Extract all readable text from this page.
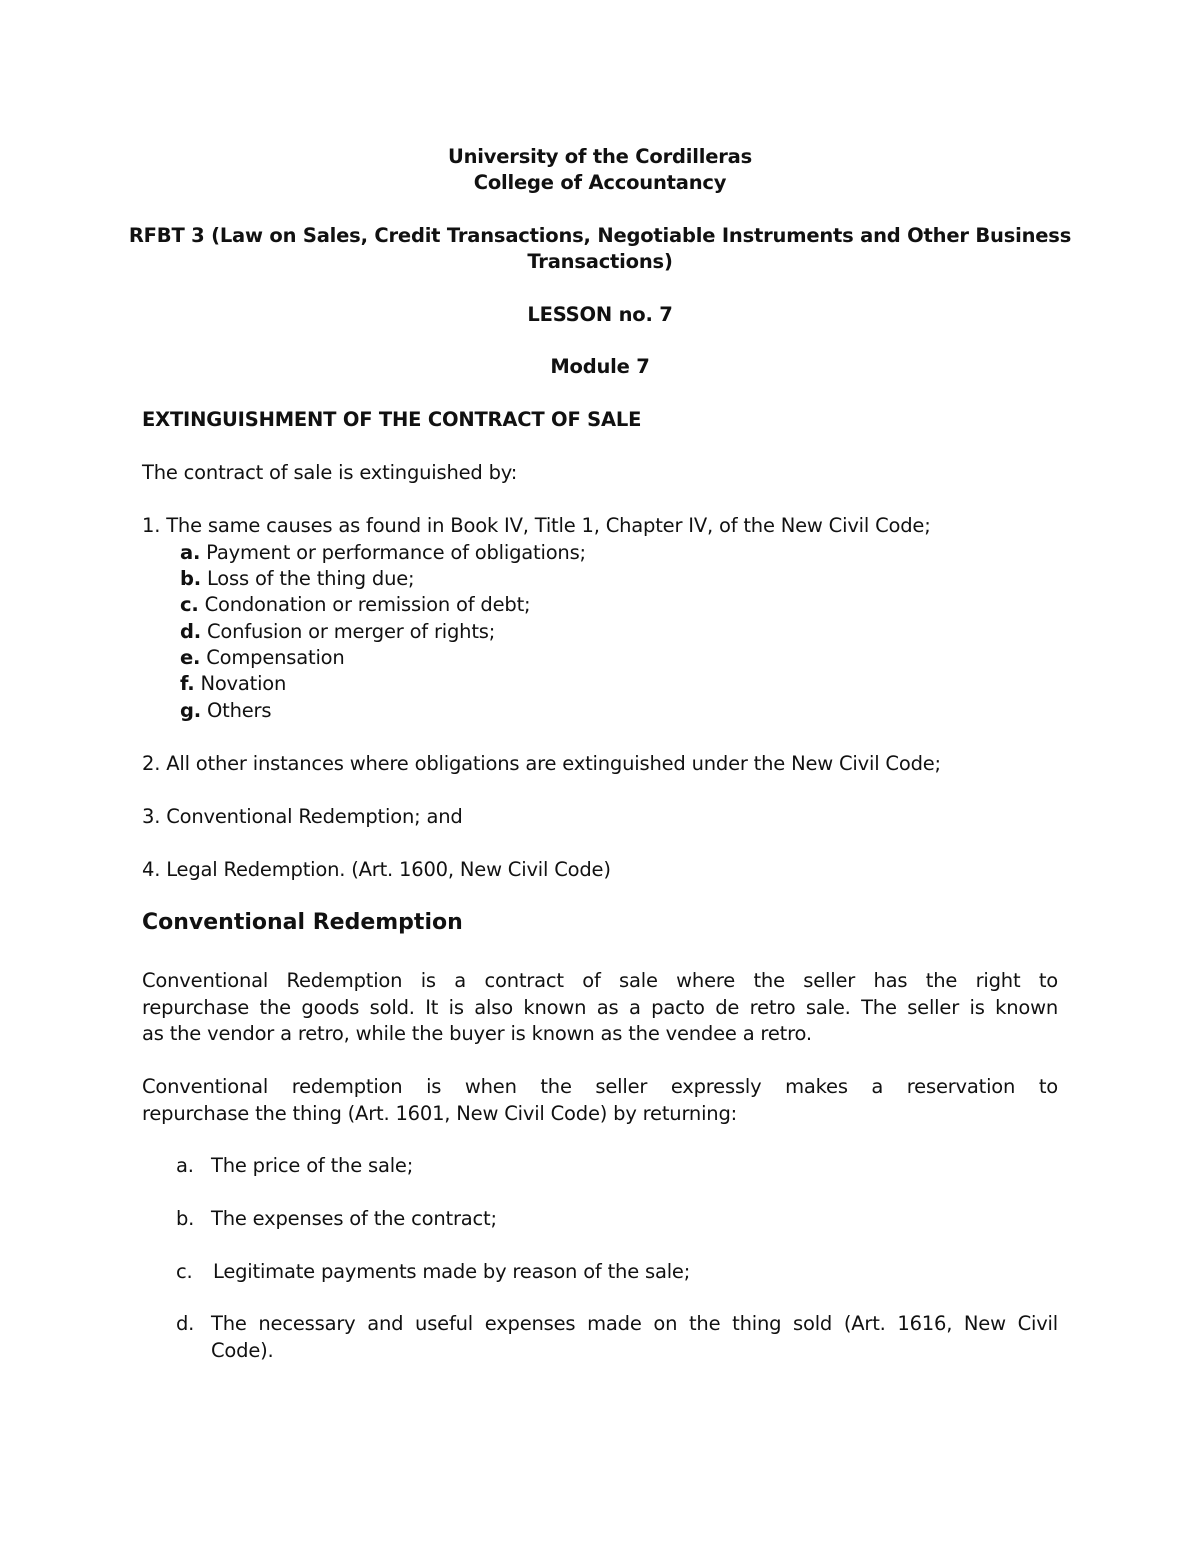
University of the Cordilleras

College of Accountancy

RFBT 3 (Law on Sales, Credit Transactions, Negotiable Instruments and Other Business

Transactions)

LESSON no. 7

Module 7

EXTINGUISHMENT OF THE CONTRACT OF SALE

The contract of sale is extinguished by:

1. The same causes as found in Book IV, Title 1, Chapter IV, of the New Civil Code;

a. Payment or performance of obligations;

b. Loss of the thing due;

c. Condonation or remission of debt;

d. Confusion or merger of rights;

e. Compensation

f. Novation

g. Others

2. All other instances where obligations are extinguished under the New Civil Code;

3. Conventional Redemption; and

4. Legal Redemption. (Art. 1600, New Civil Code)

Conventional Redemption

Conventional Redemption is a contract of sale where the seller has the right to
repurchase the goods sold. It is also known as a pacto de retro sale. The seller is known
as the vendor a retro, while the buyer is known as the vendee a retro.
Conventional redemption is when the seller expressly makes a reservation to
repurchase the thing (Art. 1601, New Civil Code) by returning:

a. The price of the sale;

b. The expenses of the contract;

c. Legitimate payments made by reason of the sale;

d. The necessary and useful expenses made on the thing sold (Art. 1616, New Civil
Code).
